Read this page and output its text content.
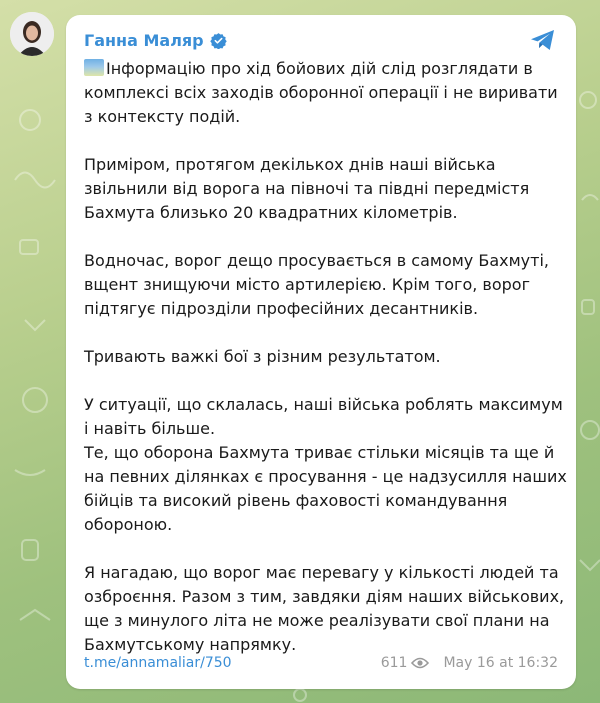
Ганна Маляр

Інформацію про хід бойових дій слід розглядати в комплексі всіх заходів оборонної операції і не виривати з контексту подій.

Приміром, протягом декількох днів наші війська звільнили від ворога на півночі та півдні передмістя Бахмута близько 20 квадратних кілометрів.

Водночас, ворог дещо просувається в самому Бахмуті, вщент знищуючи місто артилерією. Крім того, ворог підтягує підрозділи професійних десантників.

Тривають важкі бої з різним результатом.

У ситуації, що склалась, наші війська роблять максимум і навіть більше.

Те, що оборона Бахмута триває стільки місяців та ще й на певних ділянках є просування - це надзусилля наших бійців та високий рівень фаховості командування обороною.

Я нагадаю, що ворог має перевагу у кількості людей та озброєння. Разом з тим, завдяки діям наших військових, ще з минулого літа не може реалізувати свої плани на Бахмутському напрямку.

t.me/annamaliar/750	611	May 16 at 16:32
